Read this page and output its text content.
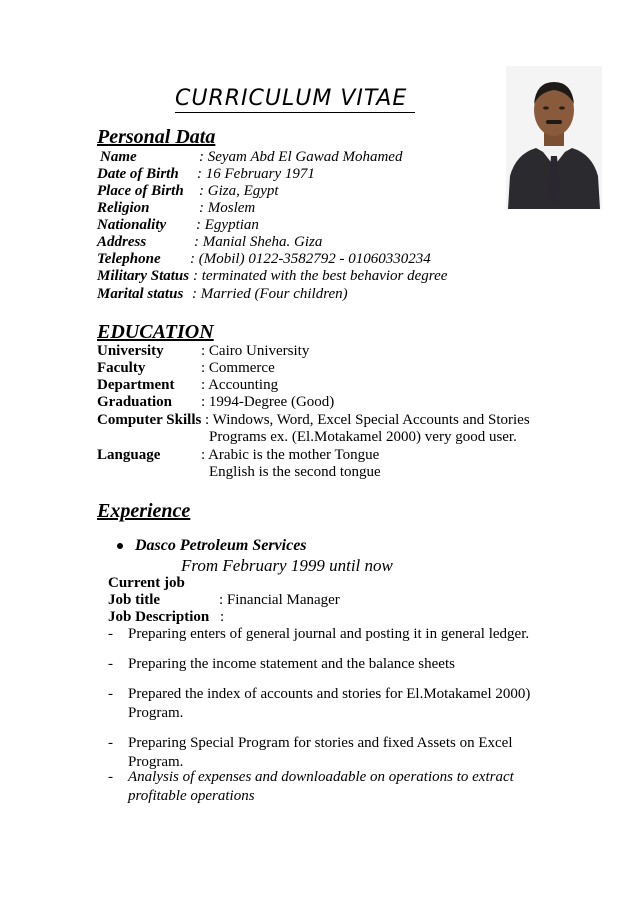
CURRICULUM VITAE
Personal Data
Name	: Seyam Abd El Gawad Mohamed
Date of Birth : 16 February 1971
Place of Birth : Giza, Egypt
Religion	: Moslem
Nationality : Egyptian
Address	: Manial Sheha. Giza
Telephone : (Mobil) 0122-3582792 - 01060330234
Military Status : terminated with the best behavior degree
Marital status : Married (Four children)
EDUCATION
University : Cairo University
Faculty	: Commerce
Department : Accounting
Graduation : 1994-Degree (Good)
Computer Skills : Windows, Word, Excel Special Accounts and Stories
Programs ex. (El.Motakamel 2000) very good user.
Language	: Arabic is the mother Tongue
English is the second tongue
Experience
Dasco Petroleum Services
From February 1999 until now
Current job
Job title	: Financial Manager
Job Description :
- Preparing enters of general journal and posting it in general ledger.
- Preparing the income statement and the balance sheets
- Prepared the index of accounts and stories for El.Motakamel 2000)
Program.
- Preparing Special Program for stories and fixed Assets on Excel
Program.
- Analysis of expenses and downloadable on operations to extract
profitable operations
